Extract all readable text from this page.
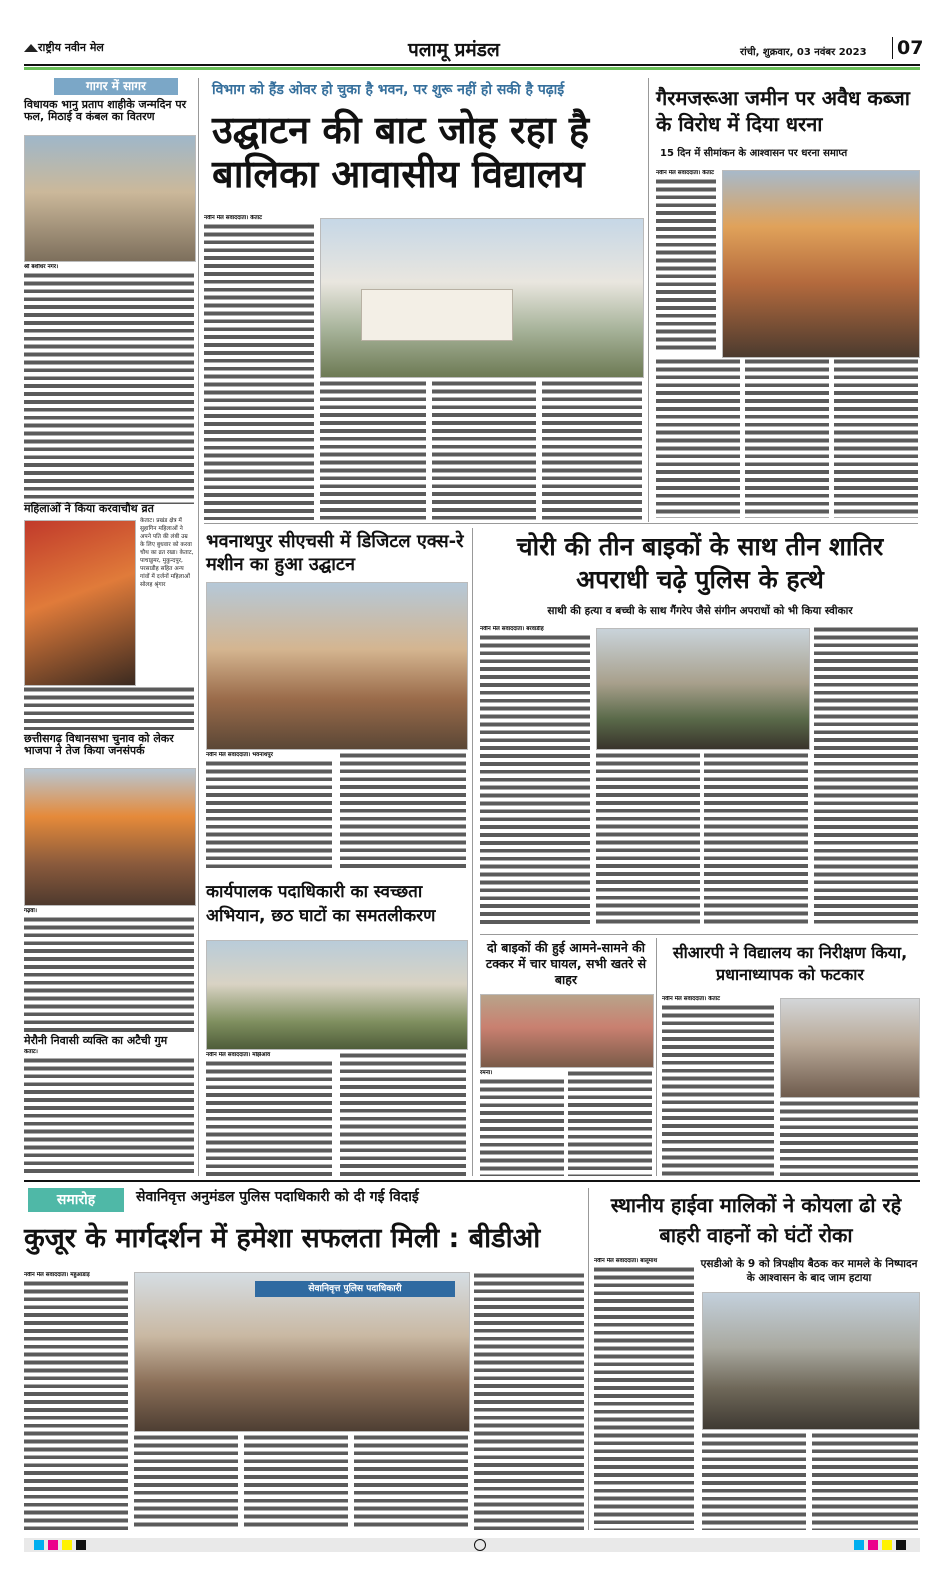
राष्ट्रीय नवीन मेल	पलामू प्रमंडल	रांची, शुक्रवार, 03 नवंबर 2023 07
गागर में सागर
विधायक भानु प्रताप शाहीके जन्मदिन पर फल, मिठाई व कंबल का वितरण
श्री बंशीधर नगर।
महिलाओं ने किया करवाचौथ व्रत
केताट। प्रखंड क्षेत्र में सुहागिन महिलाओं ने अपने पति की लंबी उम्र के लिए बुधवार को करवा चौथ का व्रत रखा। केताट, पाचाडुमर, मुकुन्दपुर, परसाडीह सहित अन्य गांवों में दर्जनों महिलाओं सोलह श्रृंगार
छत्तीसगढ़ विधानसभा चुनाव को लेकर भाजपा ने तेज किया जनसंपर्क
गढ़वा।
मेरौनी निवासी व्यक्ति का अटैची गुम
केताट।
विभाग को हैंड ओवर हो चुका है भवन, पर शुरू नहीं हो सकी है पढ़ाई
उद्घाटन की बाट जोह रहा है बालिका आवासीय विद्यालय
नवीन मेल संवाददाता। केताट
गैरमजरूआ जमीन पर अवैध कब्जा के विरोध में दिया धरना
15 दिन में सीमांकन के आश्वासन पर धरना समाप्त
नवीन मेल संवाददाता। केताट
भवनाथपुर सीएचसी में डिजिटल एक्स-रे मशीन का हुआ उद्घाटन
नवीन मेल संवाददाता। भवनाथपुर
कार्यपालक पदाधिकारी का स्वच्छता अभियान, छठ घाटों का समतलीकरण
नवीन मेल संवाददाता। मझिआंव
चोरी की तीन बाइकों के साथ तीन शातिर अपराधी चढ़े पुलिस के हत्थे
साथी की हत्या व बच्ची के साथ गैंगरेप जैसे संगीन अपराधों को भी किया स्वीकार
नवीन मेल संवाददाता। बरवाडीह
दो बाइकों की हुई आमने-सामने की टक्कर में चार घायल, सभी खतरे से बाहर
रमना।
सीआरपी ने विद्यालय का निरीक्षण किया, प्रधानाध्यापक को फटकार
नवीन मेल संवाददाता। केताट
समारोह	सेवानिवृत्त अनुमंडल पुलिस पदाधिकारी को दी गई विदाई
कुजूर के मार्गदर्शन में हमेशा सफलता मिली : बीडीओ
नवीन मेल संवाददाता। महुआडांड़
सेवानिवृत्त पुलिस पदाधिकारी
स्थानीय हाईवा मालिकों ने कोयला ढो रहे बाहरी वाहनों को घंटों रोका
एसडीओ के 9 को त्रिपक्षीय बैठक कर मामले के निष्पादन के आश्वासन के बाद जाम हटाया
नवीन मेल संवाददाता। बालूमाथ
